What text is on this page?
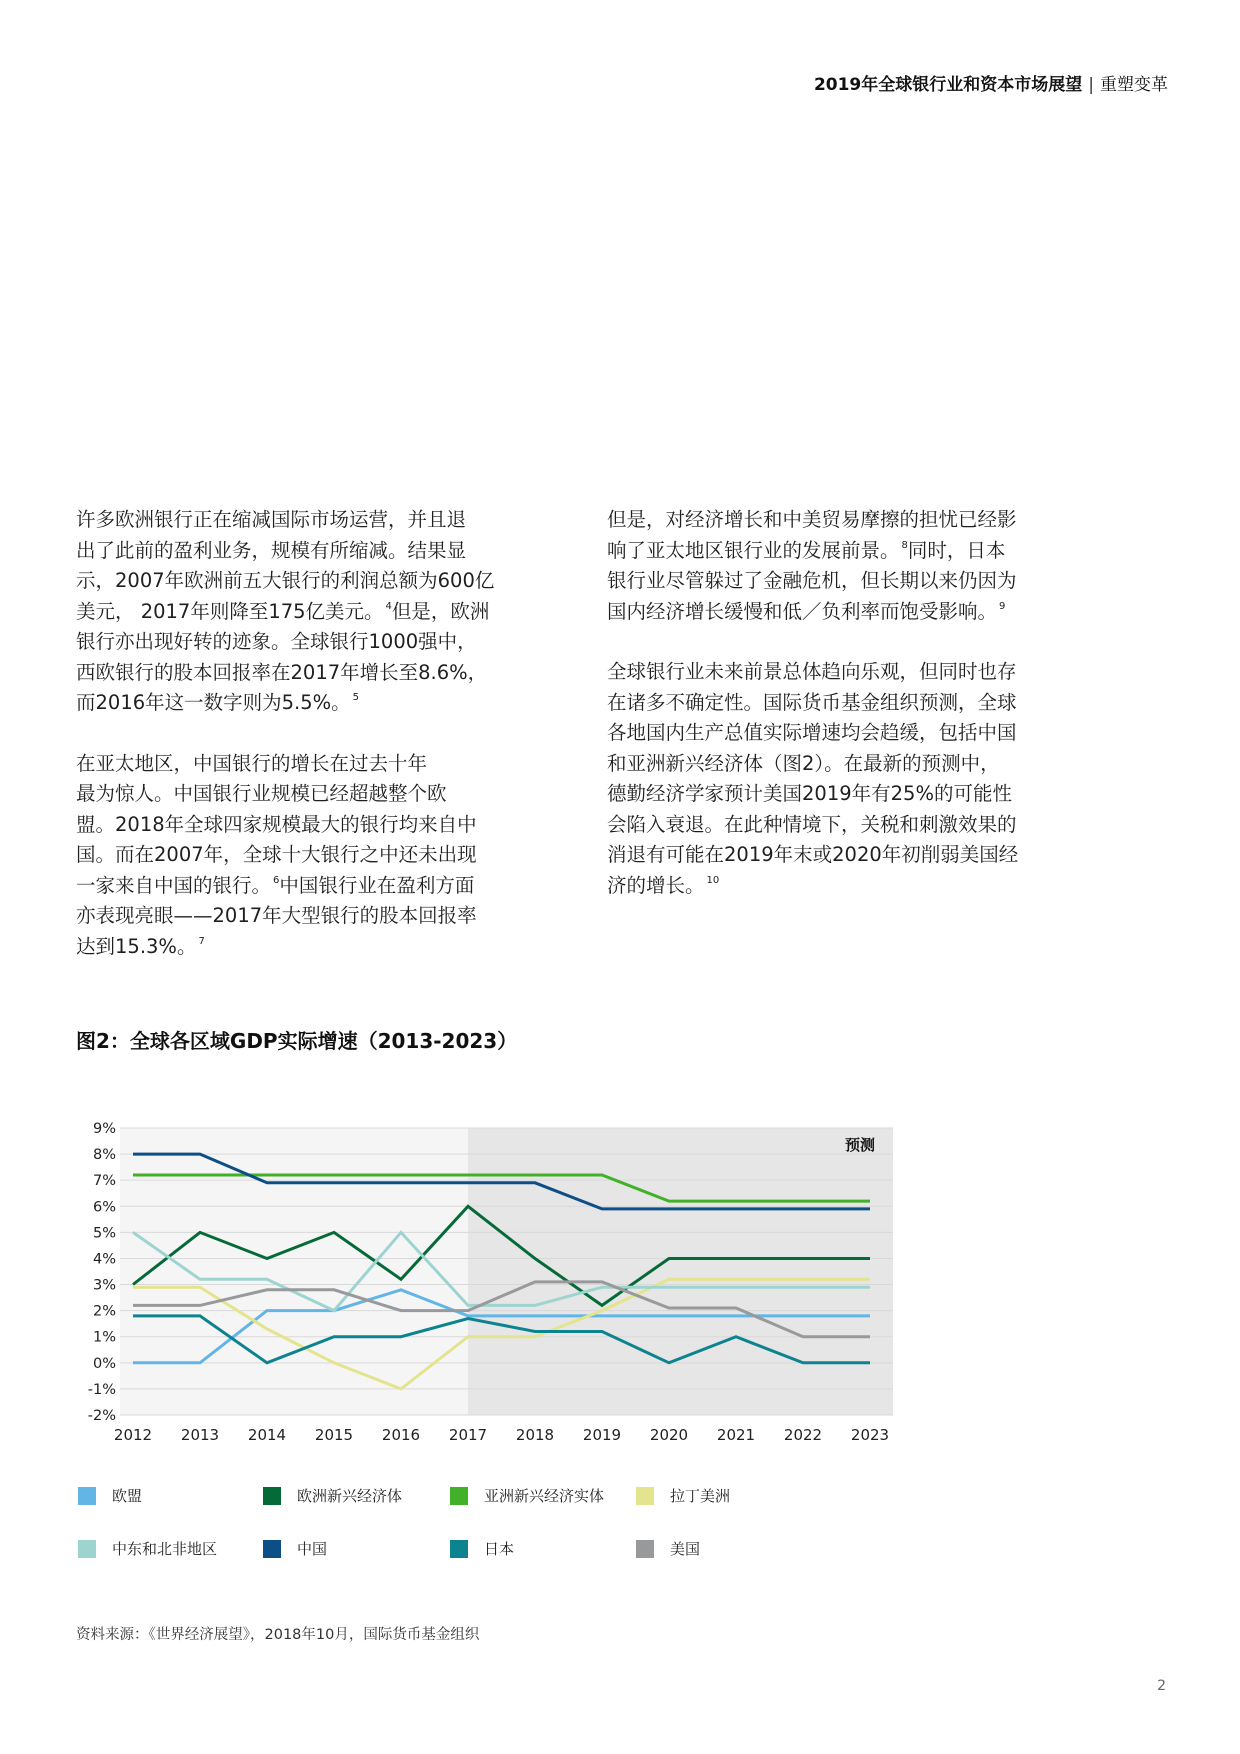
2019年全球银行业和资本市场展望 | 重塑变革

许多欧洲银行正在缩减国际市场运营，并且退
出了此前的盈利业务，规模有所缩减。结果显
示，2007年欧洲前五大银行的利润总额为600亿
美元， 2017年则降至175亿美元。 $^4$但是，欧洲
银行亦出现好转的迹象。全球银行1000强中，
西欧银行的股本回报率在2017年增长至8.6%，
而2016年这一数字则为5.5%。 $^5$

在亚太地区，中国银行的增长在过去十年
最为惊人。中国银行业规模已经超越整个欧
盟。2018年全球四家规模最大的银行均来自中
国。而在2007年，全球十大银行之中还未出现
一家来自中国的银行。 $^6$中国银行业在盈利方面
亦表现亮眼——2017年大型银行的股本回报率
达到15.3%。 $^7$

但是，对经济增长和中美贸易摩擦的担忧已经影
响了亚太地区银行业的发展前景。 $^8$同时，日本
银行业尽管躲过了金融危机，但长期以来仍因为
国内经济增长缓慢和低／负利率而饱受影响。 $^9$

全球银行业未来前景总体趋向乐观，但同时也存
在诸多不确定性。国际货币基金组织预测，全球
各地国内生产总值实际增速均会趋缓，包括中国
和亚洲新兴经济体（图2）。在最新的预测中，
德勤经济学家预计美国2019年有25%的可能性
会陷入衰退。在此种情境下，关税和刺激效果的
消退有可能在2019年末或2020年初削弱美国经
济的增长。 $^{10}$

图2：全球各区域GDP实际增速（2013-2023）
9%
8%
7%
6%
5%
4%
3%
2%
1%
0%
-1%
-2%
2012 2013 2014 2015 2016 2017 2018 2019 2020 2021 2022 2023
预测
欧盟	欧洲新兴经济体	亚洲新兴经济实体	拉丁美洲
中东和北非地区	中国	日本	美国
资料来源：《世界经济展望》，2018年10月，国际货币基金组织
2
